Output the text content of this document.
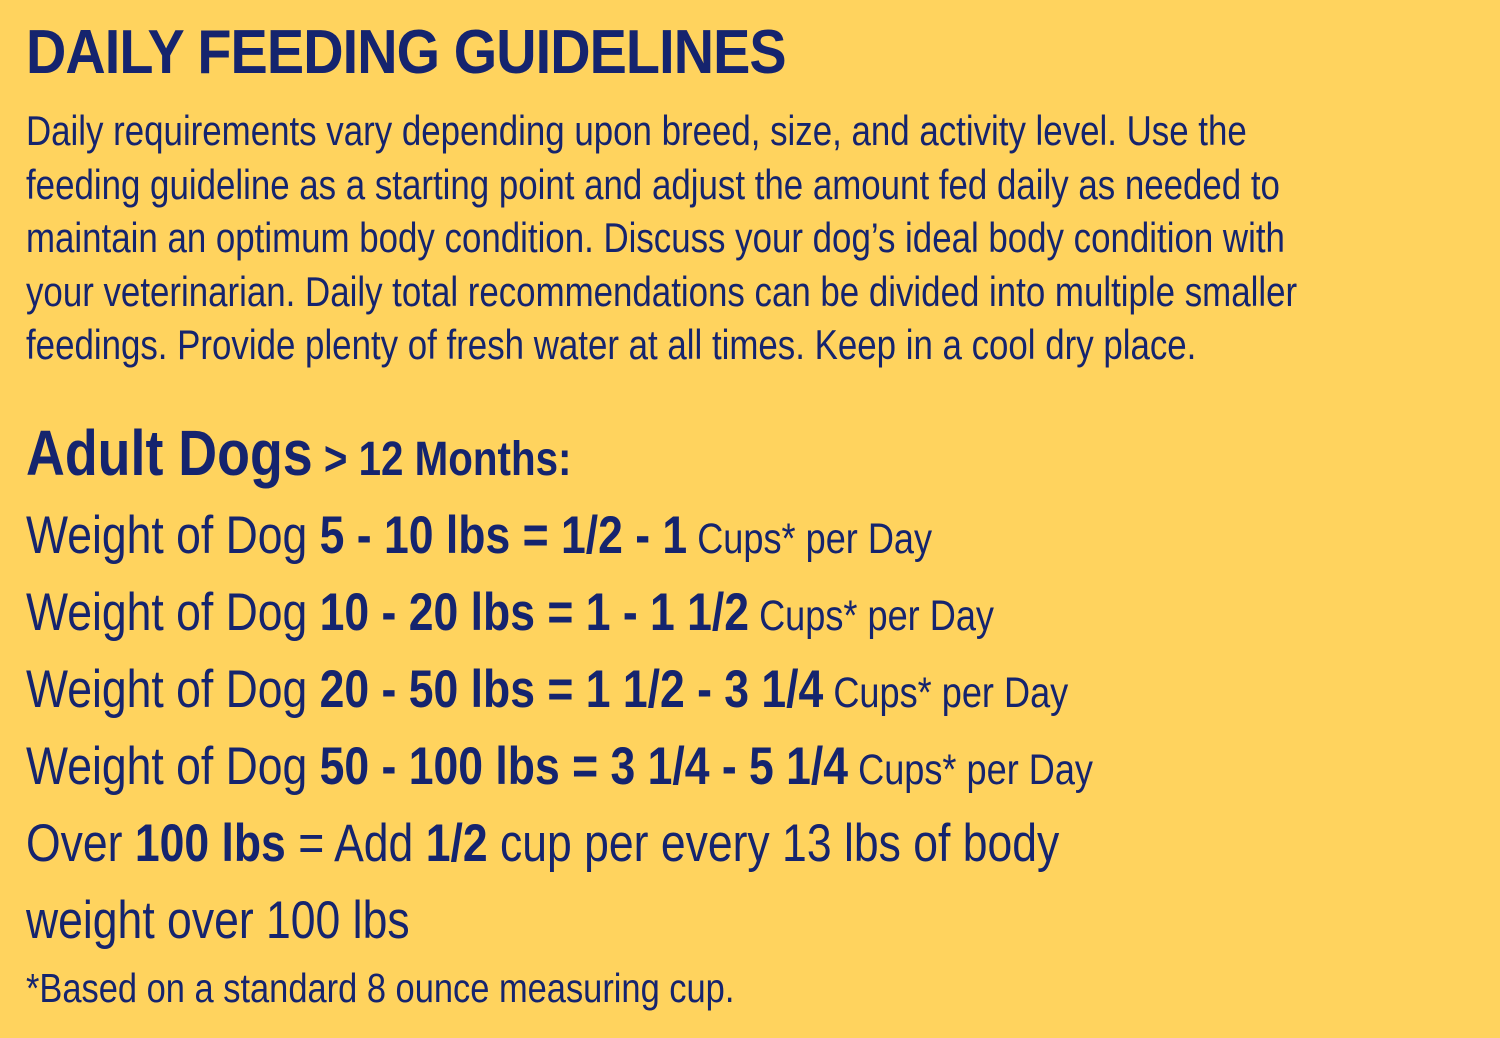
DAILY FEEDING GUIDELINES

Daily requirements vary depending upon breed, size, and activity level. Use the feeding guideline as a starting point and adjust the amount fed daily as needed to maintain an optimum body condition. Discuss your dog’s ideal body condition with your veterinarian. Daily total recommendations can be divided into multiple smaller feedings. Provide plenty of fresh water at all times. Keep in a cool dry place.

Adult Dogs > 12 Months:
Weight of Dog 5 - 10 lbs = 1/2 - 1 Cups* per Day
Weight of Dog 10 - 20 lbs = 1 - 1 1/2 Cups* per Day
Weight of Dog 20 - 50 lbs = 1 1/2 - 3 1/4 Cups* per Day
Weight of Dog 50 - 100 lbs = 3 1/4 - 5 1/4 Cups* per Day
Over 100 lbs = Add 1/2 cup per every 13 lbs of body
weight over 100 lbs

*Based on a standard 8 ounce measuring cup.
